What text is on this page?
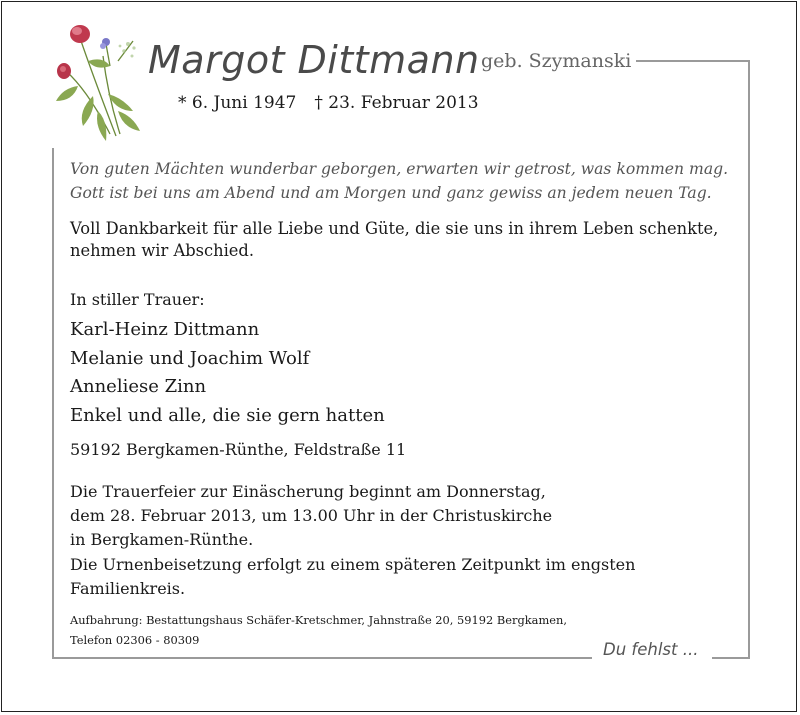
Margot Dittmann geb. Szymanski
* 6. Juni 1947 † 23. Februar 2013
Von guten Mächten wunderbar geborgen, erwarten wir getrost, was kommen mag.
Gott ist bei uns am Abend und am Morgen und ganz gewiss an jedem neuen Tag.
Voll Dankbarkeit für alle Liebe und Güte, die sie uns in ihrem Leben schenkte,
nehmen wir Abschied.
In stiller Trauer:
Karl-Heinz Dittmann
Melanie und Joachim Wolf
Anneliese Zinn
Enkel und alle, die sie gern hatten
59192 Bergkamen-Rünthe, Feldstraße 11
Die Trauerfeier zur Einäscherung beginnt am Donnerstag,
dem 28. Februar 2013, um 13.00 Uhr in der Christuskirche
in Bergkamen-Rünthe.
Die Urnenbeisetzung erfolgt zu einem späteren Zeitpunkt im engsten
Familienkreis.
Aufbahrung: Bestattungshaus Schäfer-Kretschmer, Jahnstraße 20, 59192 Bergkamen,
Telefon 02306 - 80309	Du fehlst ...
